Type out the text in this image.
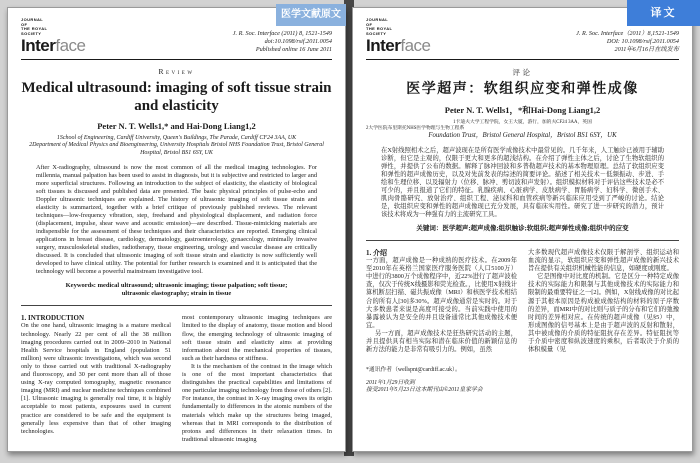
JOURNAL
OF
THE ROYAL
SOCIETY
Interface
J. R. Soc. Interface (2011) 8, 1521-1549
doi:10.1098/rsif.2011.0054
Published online 16 June 2011
Review
Medical ultrasound: imaging of soft tissue strain and elasticity
Peter N. T. Wells1,* and Hai-Dong Liang1,2
1School of Engineering, Cardiff University, Queen's Buildings, The Parade, Cardiff CF24 3AA, UK
2Department of Medical Physics and Bioengineering, University Hospitals Bristol NHS Foundation Trust, Bristol General Hospital, Bristol BS1 6SY, UK
After X-radiography, ultrasound is now the most common of all the medical imaging technologies. For millennia, manual palpation has been used to assist in diagnosis, but it is subjective and restricted to larger and more superficial structures. Following an introduction to the subject of elasticity, the elasticity of biological soft tissues is discussed and published data are presented. The basic physical principles of pulse-echo and Doppler ultrasonic techniques are explained. The history of ultrasonic imaging of soft tissue strain and elasticity is summarized, together with a brief critique of previously published reviews. The relevant techniques—low-frequency vibration, step, freehand and physiological displacement, and radiation force (displacement, impulse, shear wave and acoustic emission)—are described. Tissue-mimicking materials are indispensible for the assessment of these techniques and their characteristics are reported. Emerging clinical applications in breast disease, cardiology, dermatology, gastroenterology, gynaecology, minimally invasive surgery, musculoskeletal studies, radiotherapy, tissue engineering, urology and vascular disease are critically discussed. It is concluded that ultrasonic imaging of soft tissue strain and elasticity is now sufficiently well developed to have clinical utility. The potential for further research is examined and it is anticipated that the technology will become a powerful mainstream investigative tool.
Keywords: medical ultrasound; ultrasonic imaging; tissue palpation; soft tissue; ultrasonic elastography; strain in tissue

1. INTRODUCTION

On the one hand, ultrasonic imaging is a mature medical technology. Nearly 22 per cent of all the 38 million imaging procedures carried out in 2009–2010 in National Health Service hospitals in England (population 51 million) were ultrasonic investigations, which was second only to those carried out with traditional X-radiography and fluoroscopy, and 30 per cent more than all of those using X-ray computed tomography, magnetic resonance imaging (MRI) and nuclear medicine techniques combined [1]. Ultrasonic imaging is generally real time, it is highly acceptable to most patients, exposures used in current practice are considered to be safe and the equipment is generally less expensive than that of other imaging technologies.

most contemporary ultrasonic imaging techniques are limited to the display of anatomy, tissue motion and blood flow, the emerging technology of ultrasonic imaging of soft tissue strain and elasticity aims at providing information about the mechanical properties of tissues, such as their hardness or stiffness.

It is the mechanism of the contrast in the image which is one of the most important characteristics that distinguishes the practical capabilities and limitations of one particular imaging technology from those of others [2]. For instance, the contrast in X-ray imaging owes its origin fundamentally to differences in the atomic numbers of the materials which make up the structures being imaged, whereas that in MRI corresponds to the distribution of protons and differences in their relaxation times. In traditional ultrasonic imaging

JOURNAL
OF
THE ROYAL
SOCIETY
Interface
J. R. Soc. Interface（2011）8,1521-1549
DOI: 10.1098/rsif.2011.0054
2011年6月16日在线发布
评论
医学超声：软组织应变和弹性成像
Peter N. T. Wells1，*和Hai-Dong Liang1,2
1卡迪夫大学工程学院，女王大厦，游行，加的夫CF24 3AA，英国
2大学医院布里斯托NHS医学物理与生物工程系
Foundation Trust，Bristol General Hospital，Bristol BS1 6SY，UK
在X射线照相术之后，超声波现在是所有医学成像技术中最常见的。几千年来，人工触诊已被用于辅助诊断，但它是主观的，仅限于更大和更多的超浅结构。在介绍了弹性主体之后，讨论了生物软组织的弹性，并提供了公布的数据。解释了脉冲回波和多普勒超声技术的基本物理原理。总结了软组织应变和弹性的超声成像历史，以及对先前发表的综述的简要评论。描述了相关技术－低频振动、步进、手绘和生理位移、以及辐射力（位移、脉冲、剪切波和声发射）。组织模拟材料对于评估这些技术是必不可少的，并且报道了它们的特征。乳腺疾病、心脏病学、皮肤病学、胃肠病学、妇科学、微创手术、肌肉骨骼研究、放射治疗、组织工程、泌尿科和血管疾病等新兴临床应用受到了严峻的讨论。结论是，软组织应变和弹性的超声成像现已充分发展，具有临床实用性。研究了进一步研究的潜力，预计该技术将成为一种强有力的主流研究工具。
关键词：医学超声;超声成像;组织触诊;软组织;超声弹性成像;组织中的应变

1. 介绍

一方面，超声成像是一种成熟的医疗技术。在2009年至2010年在英格兰国家医疗服务医院（人口5100万）中进行的3800万个成像程序中，近22%进行了超声波检查，仅次于传统X线摄影和荧光检查。，比使用X射线计算机断层扫描、磁共振成像（MRI）和核医学技术相结合的所有人[30]多30%。超声成像通常是实时的。对于大多数患者来说是高度可接受的。当前实践中使用的暴露被认为是安全的并且设备通常比其他成像技术便宜。

另一方面，超声成像技术是狂热研究活动的主题，并且提供具有相当实际和潜在临床价值的新颖信息的新方法的能力是非常有吸引力的。例如，虽然

*通讯作者（wellspnt@cardiff.ac.uk）。
2011年1月29日收到
接受2011年5月23日这本期刊由©2011皇家学会

大多数现代超声成像技术仅限于解剖学、组织运动和血流的显示，软组织应变和弹性超声成像的新兴技术旨在提供有关组织机械性能的信息，如硬度或刚度。

它是图像中对比度的机制。它是区分一种特定成像技术的实际能力和限制与其他成像技术的实际能力和限制的最重要特征之一[2]。例如，X射线成像的对比起源于其根本原因是构成被成像结构的材料的原子序数的差异，而MRI中的对比则与质子的分布和它们的弛豫时间的差异相对应。在传统的超声成像（见§5）中，形成图像的信号基本上是由于超声波的反射和散射，其中被成像的介质的特征阻抗存在差异。特征阻抗等于介质中密度和纵波速度的乘积，后者取决于介质的体积模量（见

医学文献原文	译文
